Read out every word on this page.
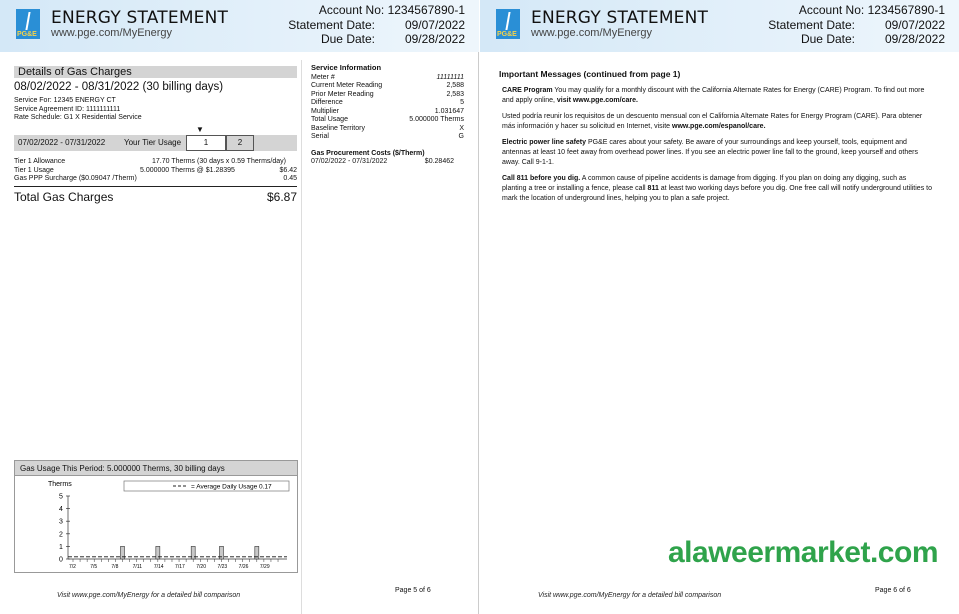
PG&E
ENERGY STATEMENT
www.pge.com/MyEnergy
Account No:
1234567890-1
Statement Date:	09/07/2022
Due Date:	09/28/2022
Details of Gas Charges
08/02/2022 - 08/31/2022 (30 billing days)
Service For: 12345 ENERGY CT
Service Agreement ID: 1111111111
Rate Schedule: G1 X Residential Service
▼
07/02/2022 - 07/31/2022 Your Tier Usage	1	2
Tier 1 Allowance	17.70 Therms (30 days x 0.59 Therms/day)
Tier 1 Usage	5.000000 Therms @ $1.28395	$6.42
Gas PPP Surcharge ($0.09047 /Therm)	0.45
Total Gas Charges	$6.87
Service Information
Meter #	11111111
Current Meter Reading	2,588
Prior Meter Reading	2,583
Difference	5
Multiplier	1.031647
Total Usage	5.000000 Therms
Baseline Territory	X
Serial	G
Gas Procurement Costs ($/Therm)
07/02/2022 - 07/31/2022	$0.28462
Gas Usage This Period: 5.000000 Therms, 30 billing days
Therms	= Average Daily Usage 0.17
0
1
2
3
4
5
7/2	7/5	7/8	7/11 7/14 7/17 7/20 7/23 7/26 7/29
Visit www.pge.com/MyEnergy for a detailed bill comparison
Page 5 of 6
PG&E
ENERGY STATEMENT
www.pge.com/MyEnergy
Account No:
1234567890-1
Statement Date:	09/07/2022
Due Date:	09/28/2022
Important Messages (continued from page 1)

CARE Program You may qualify for a monthly discount with the California Alternate Rates for Energy (CARE) Program. To find out more and apply online, visit www.pge.com/care.

Usted podría reunir los requisitos de un descuento mensual con el California Alternate Rates for Energy Program (CARE). Para obtener más información y hacer su solicitud en Internet, visite www.pge.com/espanol/care.

Electric power line safety PG&E cares about your safety. Be aware of your surroundings and keep yourself, tools, equipment and antennas at least 10 feet away from overhead power lines. If you see an electric power line fall to the ground, keep yourself and others away. Call 9-1-1.

Call 811 before you dig. A common cause of pipeline accidents is damage from digging. If you plan on doing any digging, such as planting a tree or installing a fence, please call 811 at least two working days before you dig. One free call will notify underground utilities to mark the location of underground lines, helping you to plan a safe project.

Visit www.pge.com/MyEnergy for a detailed bill comparison
Page 6 of 6
alaweermarket.com
